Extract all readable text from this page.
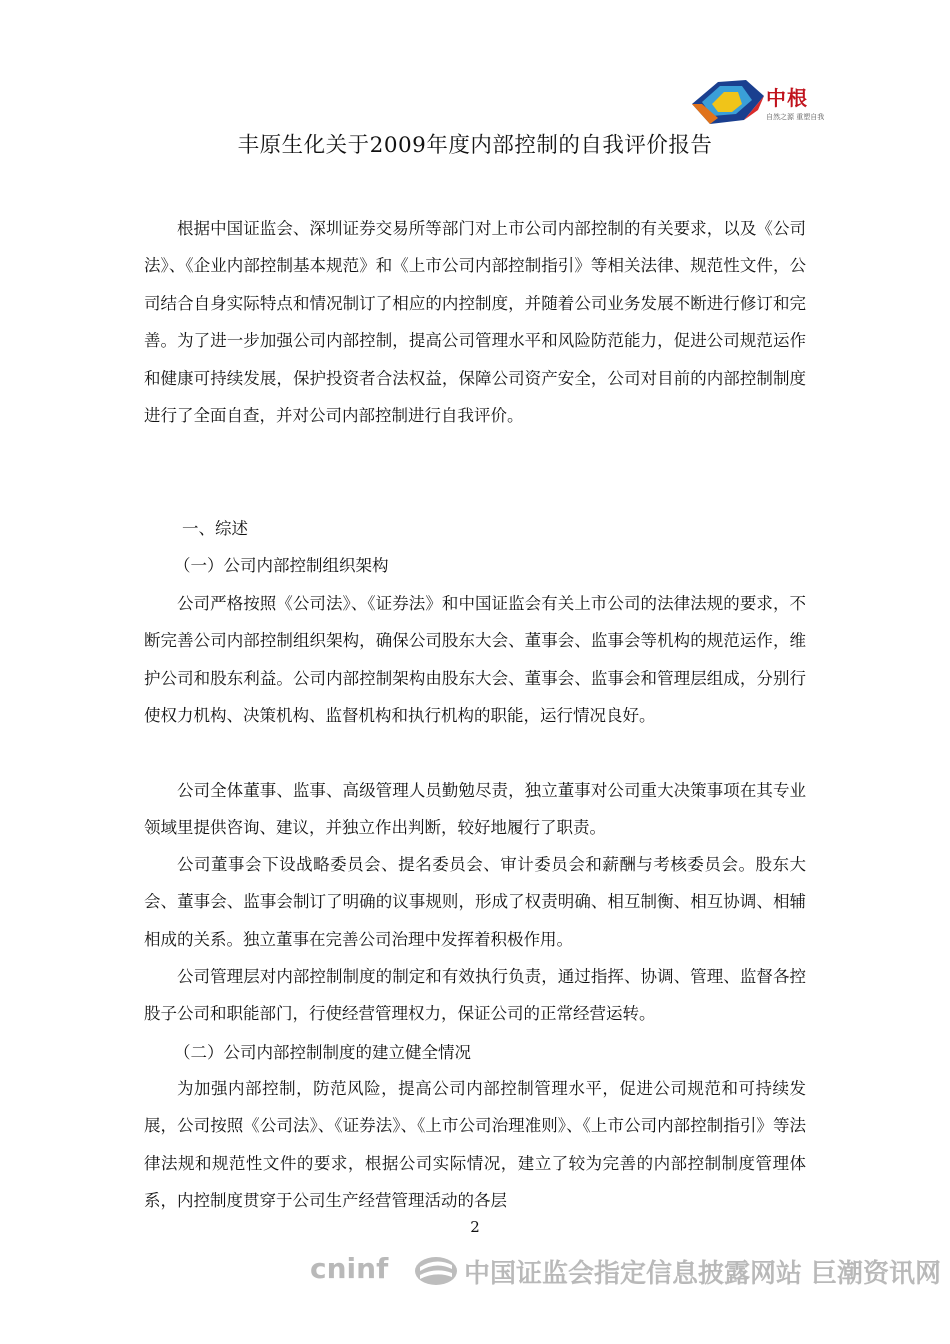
中根
自然之源 重塑自我
丰原生化关于2009年度内部控制的自我评价报告

根据中国证监会、深圳证券交易所等部门对上市公司内部控制的有关要求，以及《公司法》、《企业内部控制基本规范》和《上市公司内部控制指引》等相关法律、规范性文件，公司结合自身实际特点和情况制订了相应的内控制度，并随着公司业务发展不断进行修订和完善。为了进一步加强公司内部控制，提高公司管理水平和风险防范能力，促进公司规范运作和健康可持续发展，保护投资者合法权益，保障公司资产安全，公司对目前的内部控制制度进行了全面自查，并对公司内部控制进行自我评价。

一、综述
（一）公司内部控制组织架构

公司严格按照《公司法》、《证券法》和中国证监会有关上市公司的法律法规的要求，不断完善公司内部控制组织架构，确保公司股东大会、董事会、监事会等机构的规范运作，维护公司和股东利益。公司内部控制架构由股东大会、董事会、监事会和管理层组成，分别行使权力机构、决策机构、监督机构和执行机构的职能，运行情况良好。

公司全体董事、监事、高级管理人员勤勉尽责，独立董事对公司重大决策事项在其专业领域里提供咨询、建议，并独立作出判断，较好地履行了职责。

公司董事会下设战略委员会、提名委员会、审计委员会和薪酬与考核委员会。股东大会、董事会、监事会制订了明确的议事规则，形成了权责明确、相互制衡、相互协调、相辅相成的关系。独立董事在完善公司治理中发挥着积极作用。

公司管理层对内部控制制度的制定和有效执行负责，通过指挥、协调、管理、监督各控股子公司和职能部门，行使经营管理权力，保证公司的正常经营运转。

（二）公司内部控制制度的建立健全情况

为加强内部控制，防范风险，提高公司内部控制管理水平，促进公司规范和可持续发展，公司按照《公司法》、《证券法》、《上市公司治理准则》、《上市公司内部控制指引》等法律法规和规范性文件的要求，根据公司实际情况，建立了较为完善的内部控制制度管理体系，内控制度贯穿于公司生产经营管理活动的各层

2
cninf	中国证监会指定信息披露网站 巨潮资讯网
